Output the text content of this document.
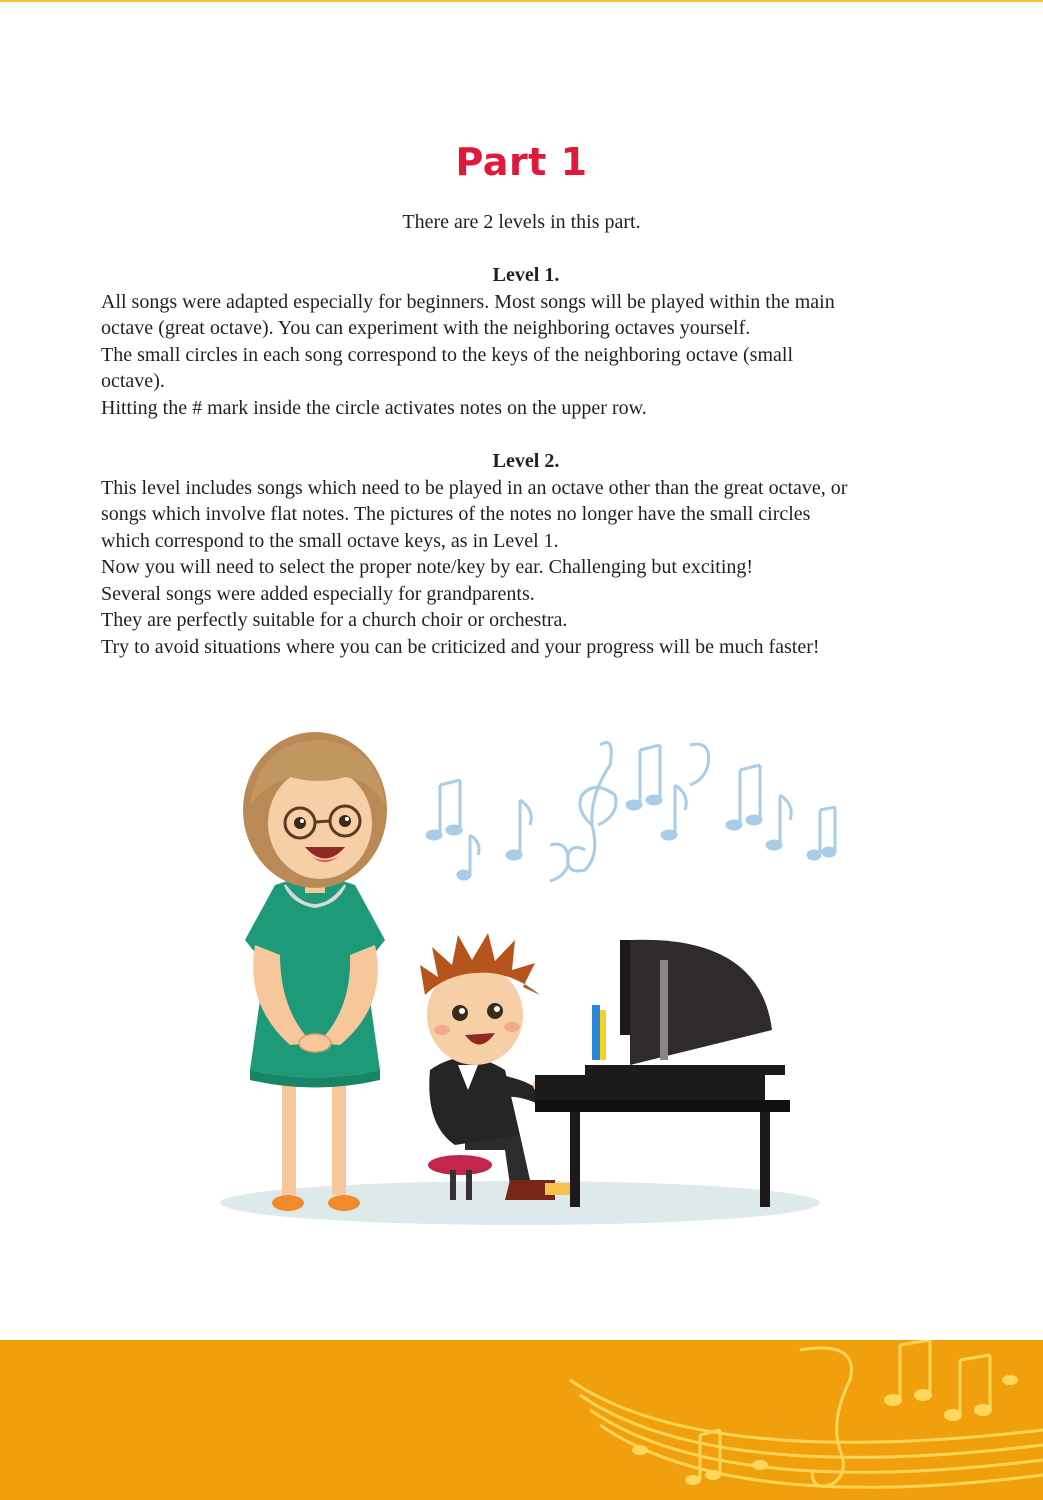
Part 1
There are 2 levels in this part.
Level 1.
All songs were adapted especially for beginners. Most songs will be played within the main
octave (great octave). You can experiment with the neighboring octaves yourself.
The small circles in each song correspond to the keys of the neighboring octave (small
octave).
Hitting the # mark inside the circle activates notes on the upper row.
Level 2.
This level includes songs which need to be played in an octave other than the great octave, or
songs which involve flat notes. The pictures of the notes no longer have the small circles
which correspond to the small octave keys, as in Level 1.
Now you will need to select the proper note/key by ear. Challenging but exciting!
Several songs were added especially for grandparents.
They are perfectly suitable for a church choir or orchestra.
Try to avoid situations where you can be criticized and your progress will be much faster!
